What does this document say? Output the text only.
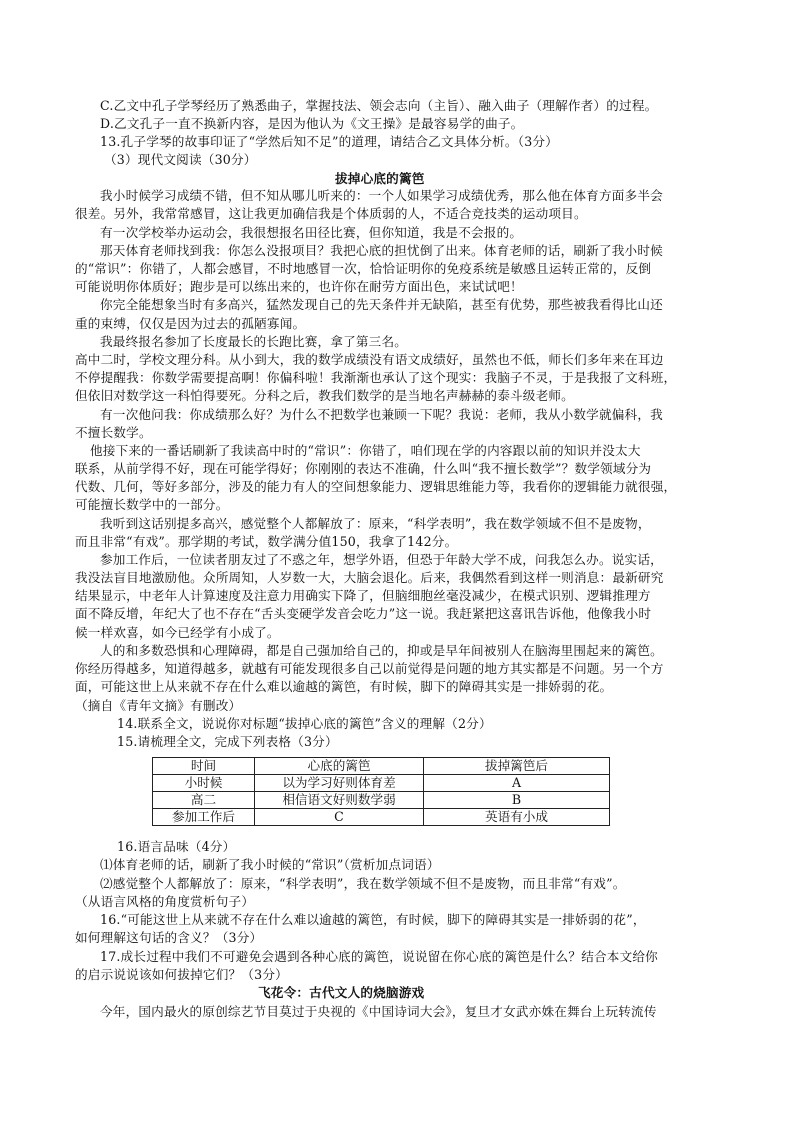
C.乙文中孔子学琴经历了熟悉曲子，掌握技法、领会志向（主旨）、融入曲子（理解作者）的过程。
D.乙文孔子一直不换新内容，是因为他认为《文王操》是最容易学的曲子。
13.孔子学琴的故事印证了“学然后知不足”的道理，请结合乙文具体分析。（3分）
（3）现代文阅读（30分）
拔掉心底的篱笆
我小时候学习成绩不错，但不知从哪儿听来的：一个人如果学习成绩优秀，那么他在体育方面多半会
很差。另外，我常常感冒，这让我更加确信我是个体质弱的人，不适合竞技类的运动项目。
有一次学校举办运动会，我很想报名田径比赛，但你知道，我是不会报的。
那天体育老师找到我：你怎么没报项目？我把心底的担忧倒了出来。体育老师的话，刷新了我小时候
的“常识”：你错了，人都会感冒，不时地感冒一次，恰恰证明你的免疫系统是敏感且运转正常的，反倒
可能说明你体质好；跑步是可以练出来的，也许你在耐劳方面出色，来试试吧！
你完全能想象当时有多高兴，猛然发现自己的先天条件并无缺陷，甚至有优势，那些被我看得比山还
重的束缚，仅仅是因为过去的孤陋寡闻。
我最终报名参加了长度最长的长跑比赛，拿了第三名。
高中二时，学校文理分科。从小到大，我的数学成绩没有语文成绩好，虽然也不低，师长们多年来在耳边
不停提醒我：你数学需要提高啊！你偏科啦！我渐渐也承认了这个现实：我脑子不灵，于是我报了文科班，
但依旧对数学这一科怕得要死。分科之后，教我们数学的是当地名声赫赫的泰斗级老师。
有一次他问我：你成绩那么好？为什么不把数学也兼顾一下呢？我说：老师，我从小数学就偏科，我
不擅长数学。
他接下来的一番话刷新了我读高中时的“常识”：你错了，咱们现在学的内容跟以前的知识并没太大
联系，从前学得不好，现在可能学得好；你刚刚的表达不准确，什么叫“我不擅长数学”？数学领域分为
代数、几何，等好多部分，涉及的能力有人的空间想象能力、逻辑思维能力等，我看你的逻辑能力就很强，
可能擅长数学中的一部分。
我听到这话别提多高兴，感觉整个人都解放了：原来，“科学表明”，我在数学领域不但不是废物，
而且非常“有戏”。那学期的考试，数学满分值150，我拿了142分。
参加工作后，一位读者朋友过了不惑之年，想学外语，但恐于年龄大学不成，问我怎么办。说实话，
我没法盲目地激励他。众所周知，人岁数一大，大脑会退化。后来，我偶然看到这样一则消息：最新研究
结果显示，中老年人计算速度及注意力用确实下降了，但脑细胞丝毫没减少，在模式识别、逻辑推理方
面不降反增，年纪大了也不存在“舌头变硬学发音会吃力”这一说。我赶紧把这喜讯告诉他，他像我小时
候一样欢喜，如今已经学有小成了。
人的和多数恐惧和心理障碍，都是自己强加给自己的，抑或是早年间被别人在脑海里围起来的篱笆。
你经历得越多，知道得越多，就越有可能发现很多自己以前觉得是问题的地方其实都是不问题。另一个方
面，可能这世上从来就不存在什么难以逾越的篱笆，有时候，脚下的障碍其实是一排娇弱的花。
（摘自《青年文摘》有删改）
14.联系全文，说说你对标题“拔掉心底的篱笆”含义的理解（2分）
15.请梳理全文，完成下列表格（3分）
时间	心底的篱笆	拔掉篱笆后
小时候	以为学习好则体育差	A
高二	相信语文好则数学弱	B
参加工作后	C	英语有小成
16.语言品味（4分）
⑴体育老师的话，刷新了我小时候的“常识”（赏析加点词语）
⑵感觉整个人都解放了：原来，“科学表明”，我在数学领域不但不是废物，而且非常“有戏”。
（从语言风格的角度赏析句子）
16.“可能这世上从来就不存在什么难以逾越的篱笆，有时候，脚下的障碍其实是一排娇弱的花”，
如何理解这句话的含义？（3分）
17.成长过程中我们不可避免会遇到各种心底的篱笆，说说留在你心底的篱笆是什么？结合本文给你
的启示说说该如何拔掉它们？（3分）
飞花令：古代文人的烧脑游戏
今年，国内最火的原创综艺节目莫过于央视的《中国诗词大会》，复旦才女武亦姝在舞台上玩转流传
